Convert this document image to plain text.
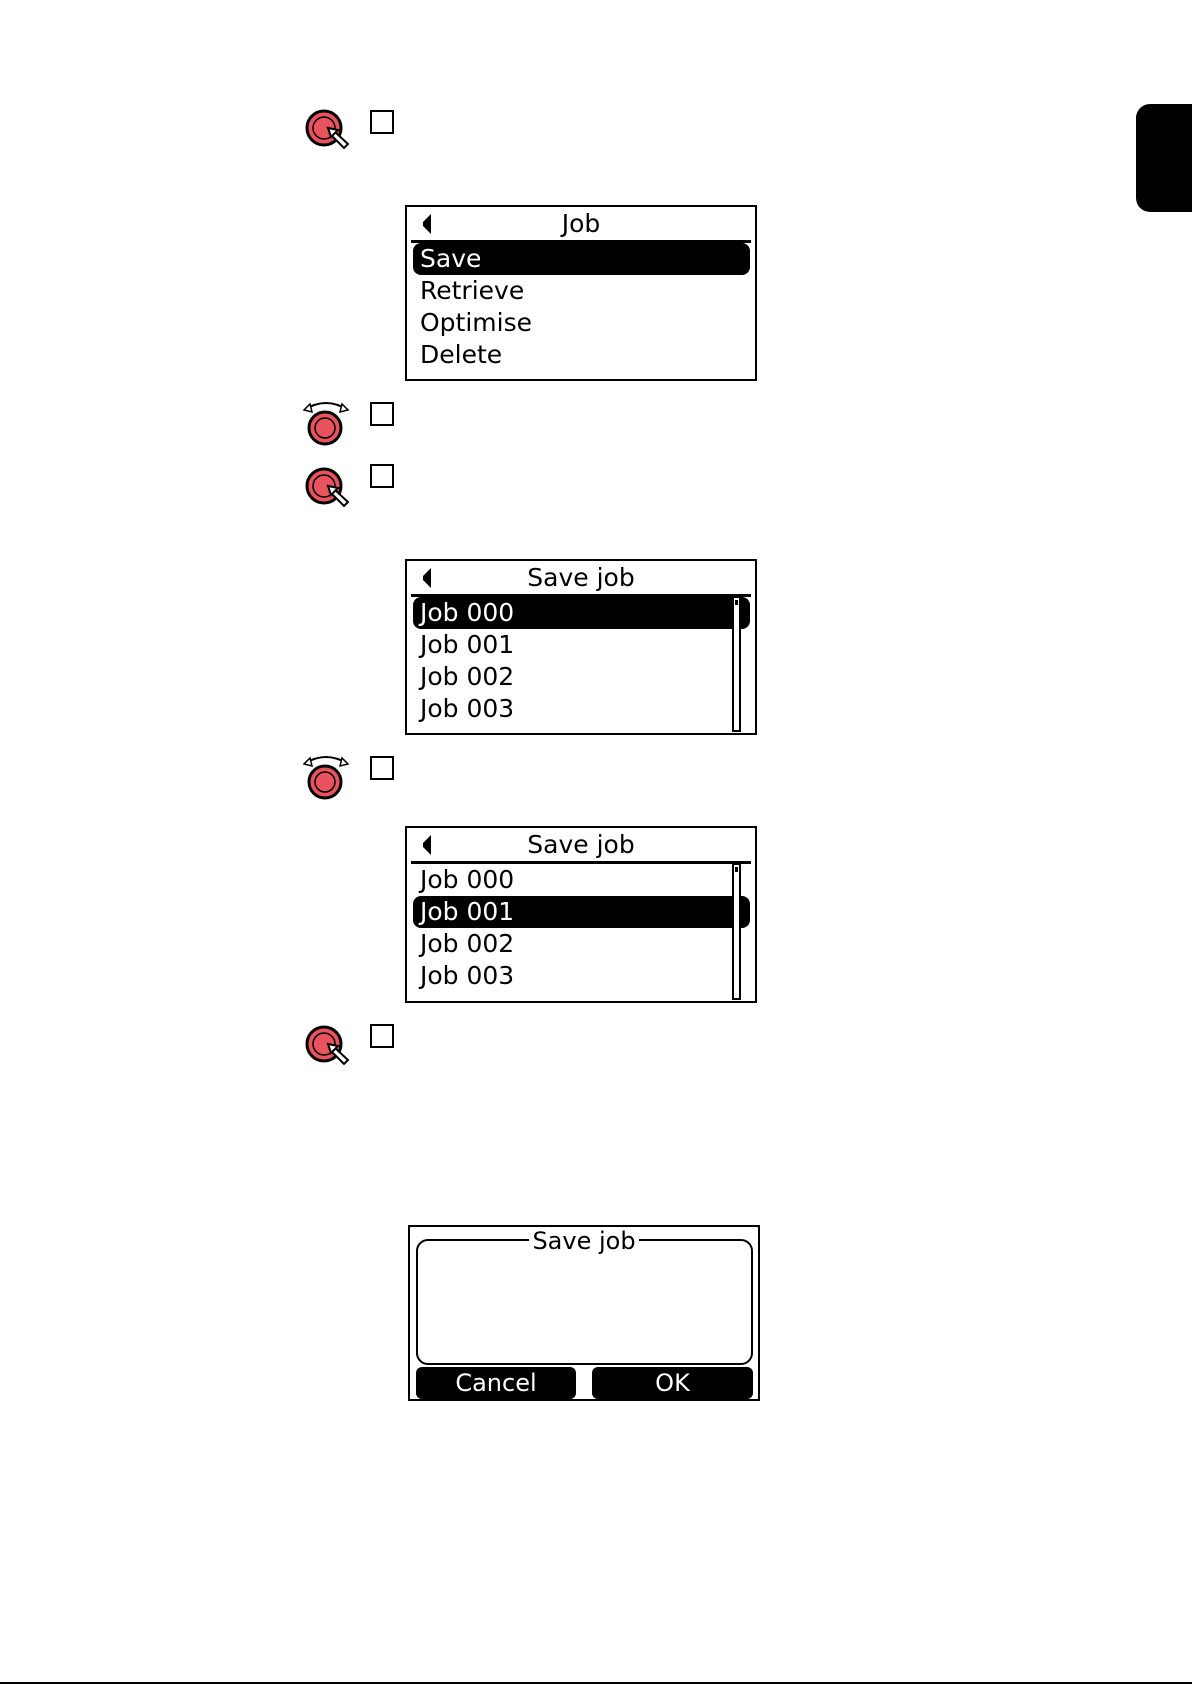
Job
Save
Retrieve
Optimise
Delete
Save job
Job 000
Job 001
Job 002
Job 003
Save job
Job 000
Job 001
Job 002
Job 003
Save job
Cancel	OK
